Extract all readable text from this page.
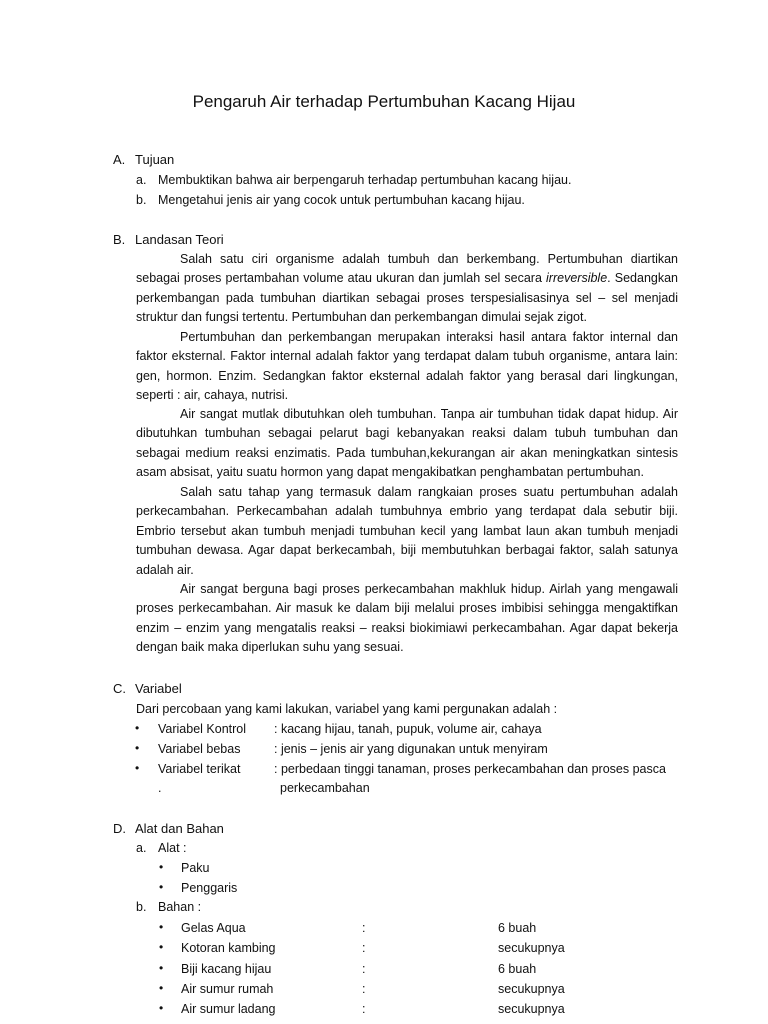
Pengaruh Air terhadap Pertumbuhan Kacang Hijau
A. Tujuan
a. Membuktikan bahwa air berpengaruh terhadap pertumbuhan kacang hijau.
b. Mengetahui jenis air yang cocok untuk pertumbuhan kacang hijau.
B. Landasan Teori

Salah satu ciri organisme adalah tumbuh dan berkembang. Pertumbuhan diartikan sebagai proses pertambahan volume atau ukuran dan jumlah sel secara irreversible. Sedangkan perkembangan pada tumbuhan diartikan sebagai proses terspesialisasinya sel – sel menjadi struktur dan fungsi tertentu. Pertumbuhan dan perkembangan dimulai sejak zigot.

Pertumbuhan dan perkembangan merupakan interaksi hasil antara faktor internal dan faktor eksternal. Faktor internal adalah faktor yang terdapat dalam tubuh organisme, antara lain: gen, hormon. Enzim. Sedangkan faktor eksternal adalah faktor yang berasal dari lingkungan, seperti : air, cahaya, nutrisi.

Air sangat mutlak dibutuhkan oleh tumbuhan. Tanpa air tumbuhan tidak dapat hidup. Air dibutuhkan tumbuhan sebagai pelarut bagi kebanyakan reaksi dalam tubuh tumbuhan dan sebagai medium reaksi enzimatis. Pada tumbuhan,kekurangan air akan meningkatkan sintesis asam absisat, yaitu suatu hormon yang dapat mengakibatkan penghambatan pertumbuhan.

Salah satu tahap yang termasuk dalam rangkaian proses suatu pertumbuhan adalah perkecambahan. Perkecambahan adalah tumbuhnya embrio yang terdapat dala sebutir biji. Embrio tersebut akan tumbuh menjadi tumbuhan kecil yang lambat laun akan tumbuh menjadi tumbuhan dewasa. Agar dapat berkecambah, biji membutuhkan berbagai faktor, salah satunya adalah air.

Air sangat berguna bagi proses perkecambahan makhluk hidup. Airlah yang mengawali proses perkecambahan. Air masuk ke dalam biji melalui proses imbibisi sehingga mengaktifkan enzim – enzim yang mengatalis reaksi – reaksi biokimiawi perkecambahan. Agar dapat bekerja dengan baik maka diperlukan suhu yang sesuai.

C. Variabel
Dari percobaan yang kami lakukan, variabel yang kami pergunakan adalah :
• Variabel Kontrol : kacang hijau, tanah, pupuk, volume air, cahaya
• Variabel bebas	: jenis – jenis air yang digunakan untuk menyiram
• Variabel terikat	: perbedaan tinggi tanaman, proses perkecambahan dan proses pasca
.	perkecambahan
D. Alat dan Bahan
a. Alat :
• Paku
• Penggaris
b. Bahan :
• Gelas Aqua	:	6 buah
• Kotoran kambing	:	secukupnya
• Biji kacang hijau	:	6 buah
• Air sumur rumah	:	secukupnya
• Air sumur ladang	:	secukupnya
